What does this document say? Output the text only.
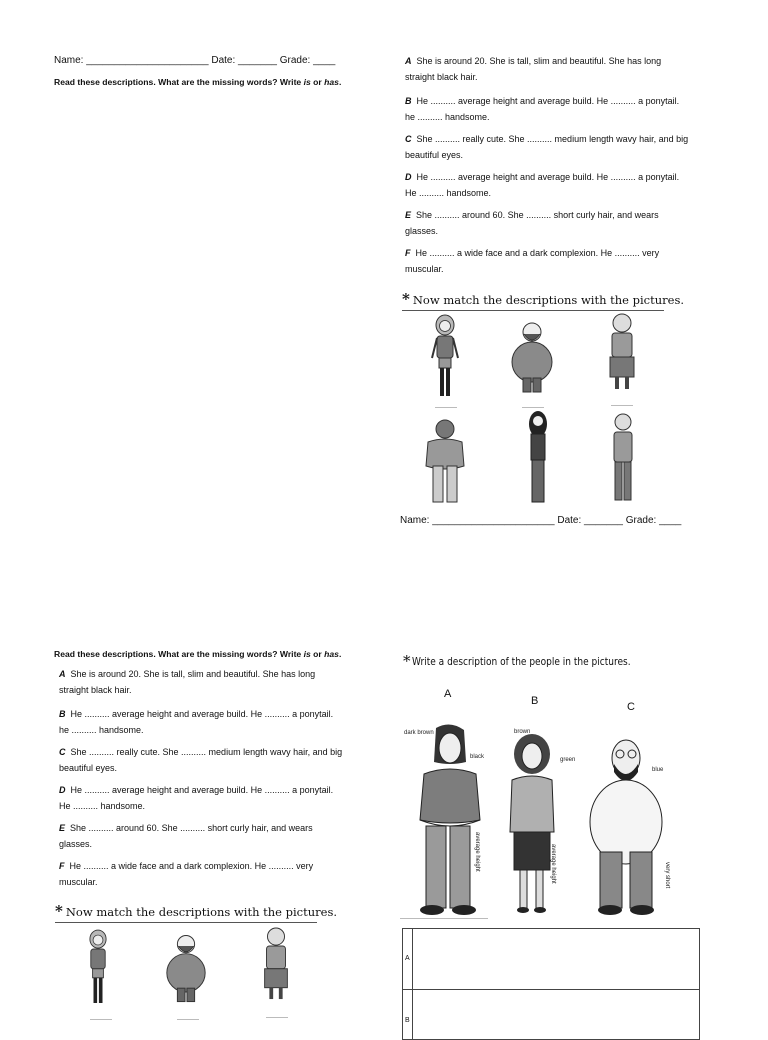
A She is around 20. She is tall, slim and beautiful. She has long straight black hair.
B He .......... average height and average build. He .......... a ponytail. he .......... handsome.
C She .......... really cute. She .......... medium length wavy hair, and big beautiful eyes.
D He .......... average height and average build. He .......... a ponytail. He .......... handsome.
E She .......... around 60. She .......... short curly hair, and wears glasses.
F He .......... a wide face and a dark complexion. He .......... very muscular.
Name: ______________________ Date: _______ Grade: ____
Read these descriptions. What are the missing words? Write is or has.
* Now match the descriptions with the pictures.
Name: ______________________ Date: _______ Grade: ____
Read these descriptions. What are the missing words? Write is or has.
A She is around 20. She is tall, slim and beautiful. She has long straight black hair.
B He .......... average height and average build. He .......... a ponytail. he .......... handsome.
C She .......... really cute. She .......... medium length wavy hair, and big beautiful eyes.
D He .......... average height and average build. He .......... a ponytail. He .......... handsome.
E She .......... around 60. She .......... short curly hair, and wears glasses.
F He .......... a wide face and a dark complexion. He .......... very muscular.
* Now match the descriptions with the pictures.
* Write a description of the people in the pictures.
A
B	C
dark brown
black
average height
brown
green
average height
blue
very short
A
B
